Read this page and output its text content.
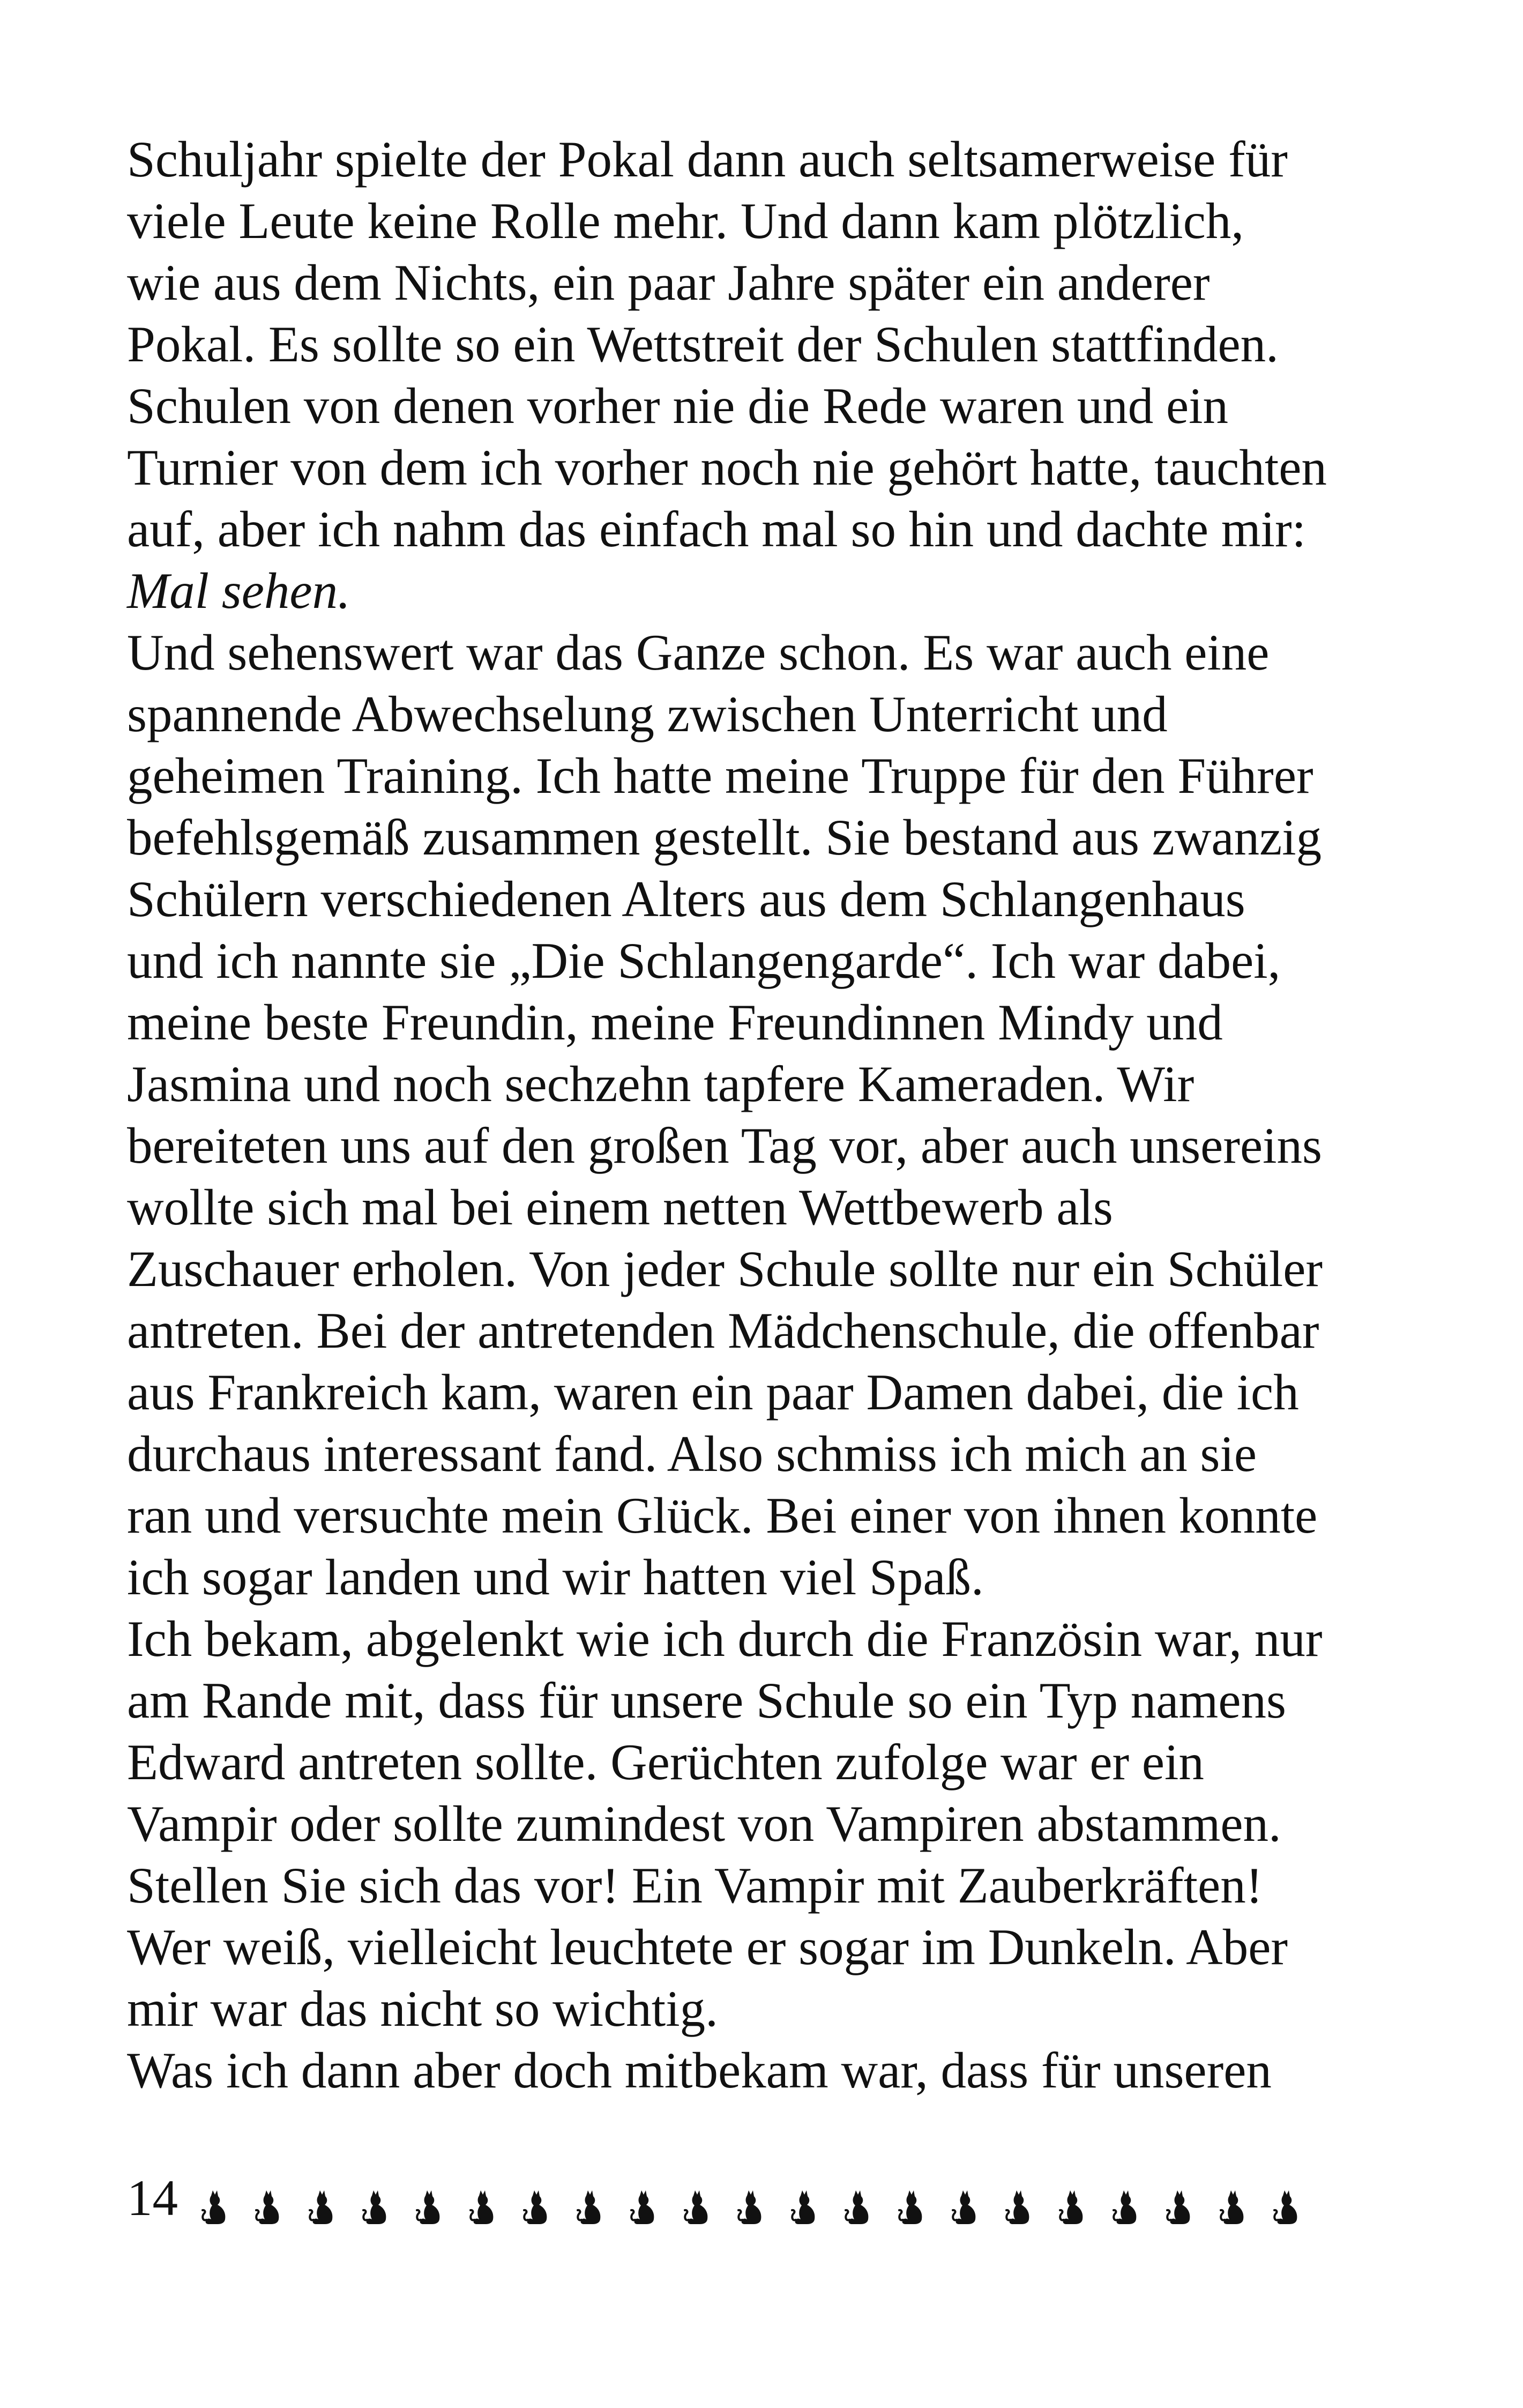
Schuljahr spielte der Pokal dann auch seltsamerweise für
viele Leute keine Rolle mehr. Und dann kam plötzlich,
wie aus dem Nichts, ein paar Jahre später ein anderer
Pokal. Es sollte so ein Wettstreit der Schulen stattfinden.
Schulen von denen vorher nie die Rede waren und ein
Turnier von dem ich vorher noch nie gehört hatte, tauchten
auf, aber ich nahm das einfach mal so hin und dachte mir:
Mal sehen.
Und sehenswert war das Ganze schon. Es war auch eine
spannende Abwechselung zwischen Unterricht und
geheimen Training. Ich hatte meine Truppe für den Führer
befehlsgemäß zusammen gestellt. Sie bestand aus zwanzig
Schülern verschiedenen Alters aus dem Schlangenhaus
und ich nannte sie „Die Schlangengarde“. Ich war dabei,
meine beste Freundin, meine Freundinnen Mindy und
Jasmina und noch sechzehn tapfere Kameraden. Wir
bereiteten uns auf den großen Tag vor, aber auch unsereins
wollte sich mal bei einem netten Wettbewerb als
Zuschauer erholen. Von jeder Schule sollte nur ein Schüler
antreten. Bei der antretenden Mädchenschule, die offenbar
aus Frankreich kam, waren ein paar Damen dabei, die ich
durchaus interessant fand. Also schmiss ich mich an sie
ran und versuchte mein Glück. Bei einer von ihnen konnte
ich sogar landen und wir hatten viel Spaß.
Ich bekam, abgelenkt wie ich durch die Französin war, nur
am Rande mit, dass für unsere Schule so ein Typ namens
Edward antreten sollte. Gerüchten zufolge war er ein
Vampir oder sollte zumindest von Vampiren abstammen.
Stellen Sie sich das vor! Ein Vampir mit Zauberkräften!
Wer weiß, vielleicht leuchtete er sogar im Dunkeln. Aber
mir war das nicht so wichtig.
Was ich dann aber doch mitbekam war, dass für unseren
14
